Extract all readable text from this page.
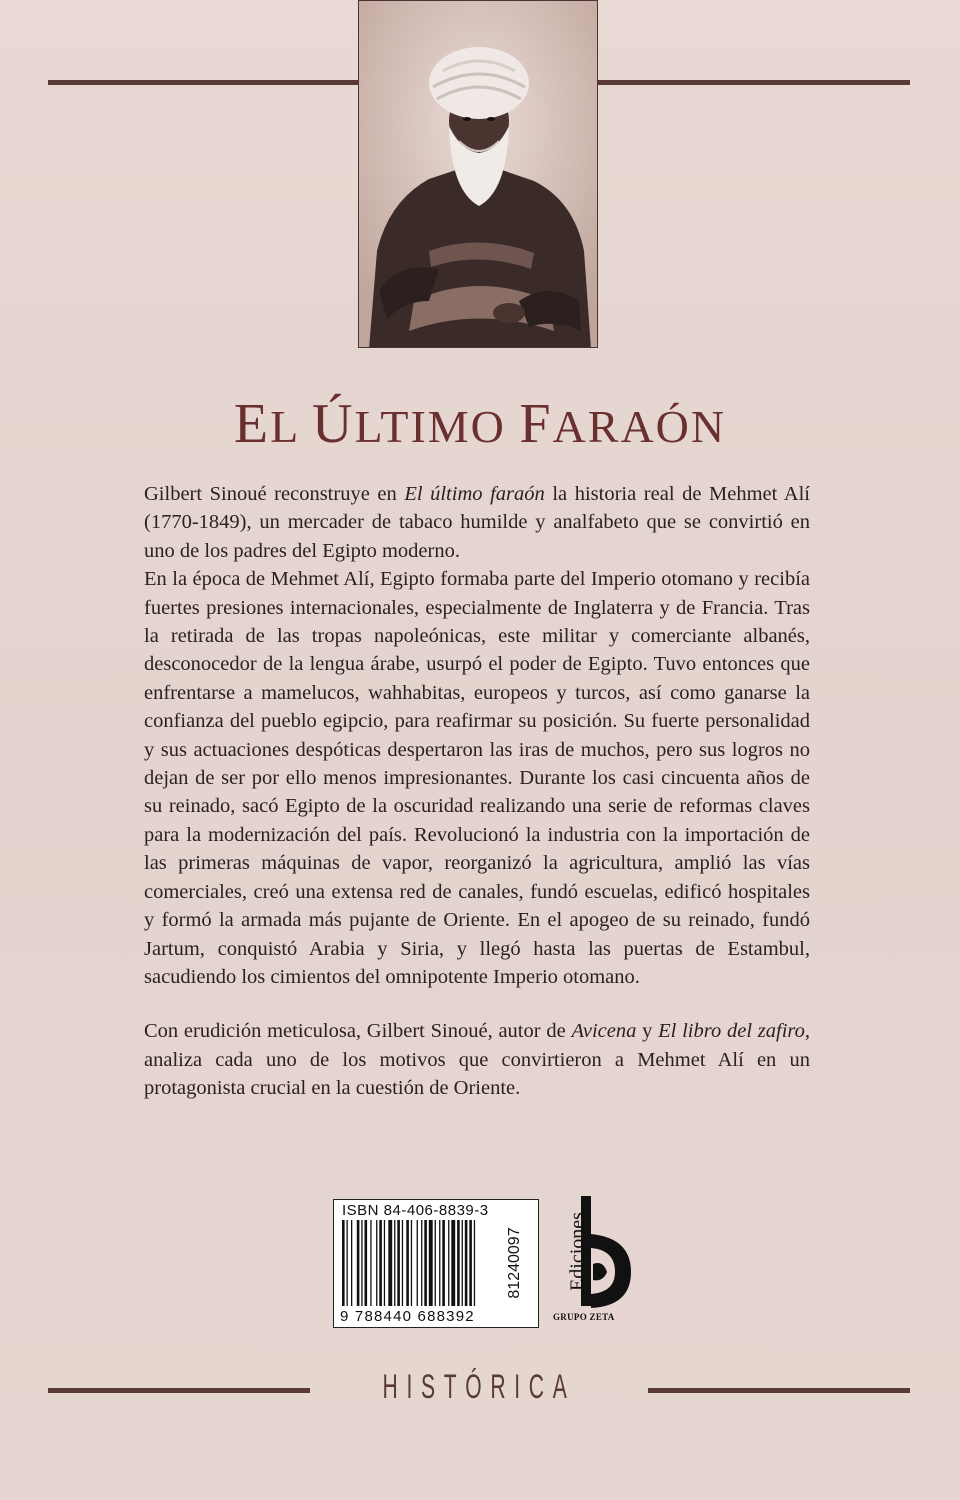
EL ÚLTIMO FARAÓN

Gilbert Sinoué reconstruye en El último faraón la historia real de Mehmet Alí (1770-1849), un mercader de tabaco humilde y analfabeto que se convirtió en uno de los padres del Egipto moderno.

En la época de Mehmet Alí, Egipto formaba parte del Imperio otomano y recibía fuertes presiones internacionales, especialmente de Inglaterra y de Francia. Tras la retirada de las tropas napoleónicas, este militar y comerciante albanés, desconocedor de la lengua árabe, usurpó el poder de Egipto. Tuvo entonces que enfrentarse a mamelucos, wahhabitas, europeos y turcos, así como ganarse la confianza del pueblo egipcio, para reafirmar su posición. Su fuerte personalidad y sus actuaciones despóticas despertaron las iras de muchos, pero sus logros no dejan de ser por ello menos impresionantes. Durante los casi cincuenta años de su reinado, sacó Egipto de la oscuridad realizando una serie de reformas claves para la modernización del país. Revolucionó la industria con la importación de las primeras máquinas de vapor, reorganizó la agricultura, amplió las vías comerciales, creó una extensa red de canales, fundó escuelas, edificó hospitales y formó la armada más pujante de Oriente. En el apogeo de su reinado, fundó Jartum, conquistó Arabia y Siria, y llegó hasta las puertas de Estambul, sacudiendo los cimientos del omnipotente Imperio otomano.

Con erudición meticulosa, Gilbert Sinoué, autor de Avicena y El libro del zafiro, analiza cada uno de los motivos que convirtieron a Mehmet Alí en un protagonista crucial en la cuestión de Oriente.

ISBN 84-406-8839-3
9 788440 688392
81240097 Ediciones
GRUPO ZETA
HISTÓRICA
